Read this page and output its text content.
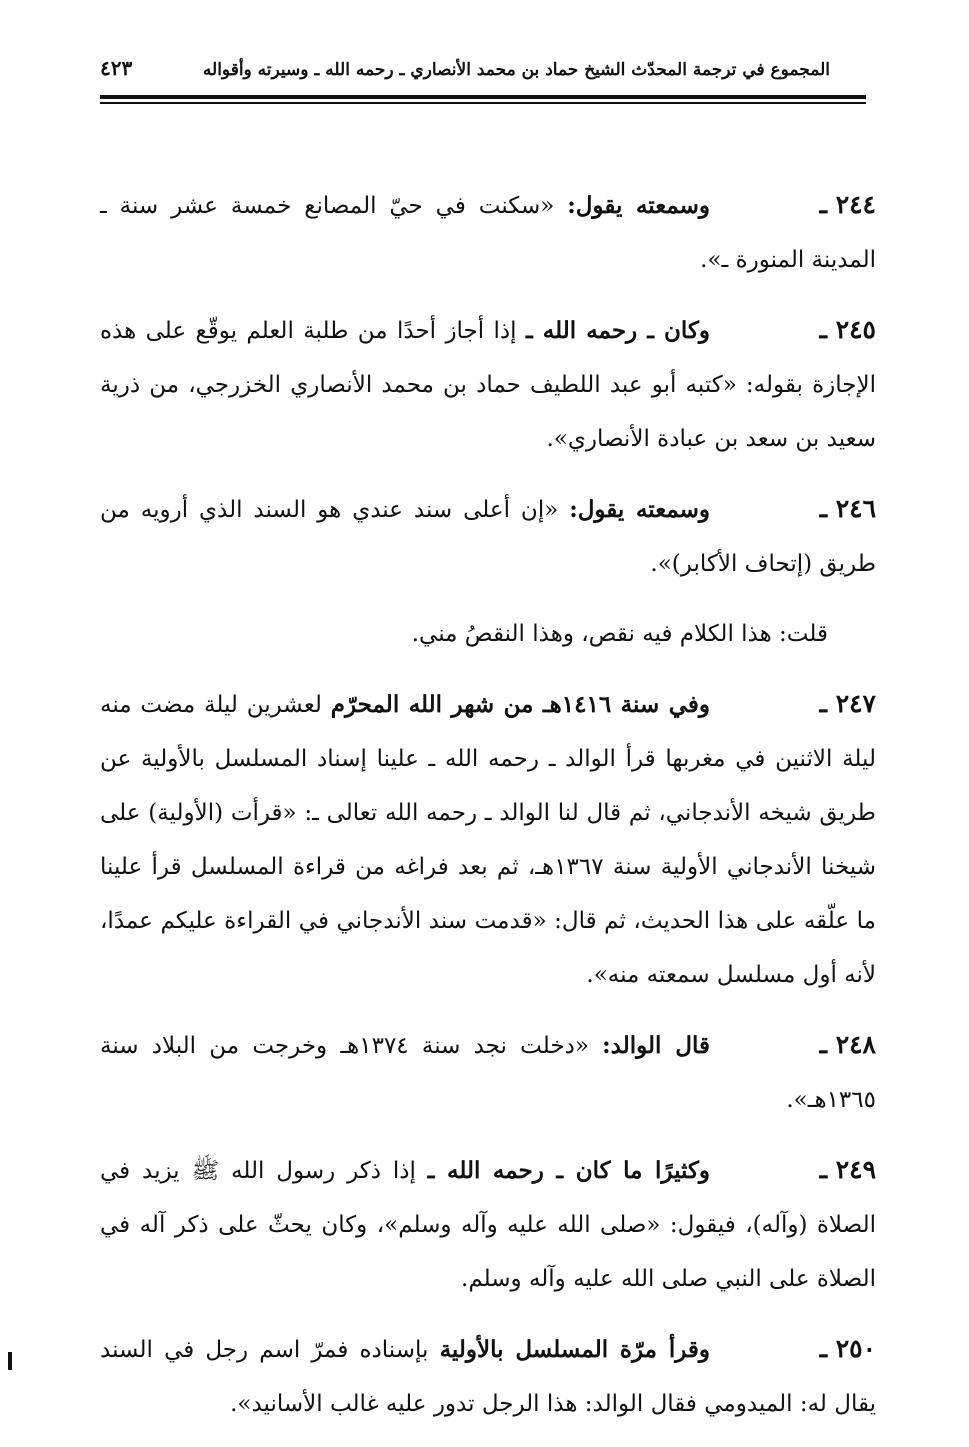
المجموع في ترجمة المحدّث الشيخ حماد بن محمد الأنصاري ـ رحمه الله ـ وسيرته وأقواله
٤٢٣

٢٤٤ ـوسمعته يقول: «سكنت في حيّ المصانع خمسة عشر سنة ـ المدينة المنورة ـ».

٢٤٥ ـوكان ـ رحمه الله ـ إذا أجاز أحدًا من طلبة العلم يوقّع على هذه الإجازة بقوله: «كتبه أبو عبد اللطيف حماد بن محمد الأنصاري الخزرجي، من ذرية سعيد بن سعد بن عبادة الأنصاري».

٢٤٦ ـوسمعته يقول: «إن أعلى سند عندي هو السند الذي أرويه من طريق (إتحاف الأكابر)».

قلت: هذا الكلام فيه نقص، وهذا النقصُ مني.

٢٤٧ ـوفي سنة ١٤١٦هـ من شهر الله المحرّم لعشرين ليلة مضت منه ليلة الاثنين في مغربها قرأ الوالد ـ رحمه الله ـ علينا إسناد المسلسل بالأولية عن طريق شيخه الأندجاني، ثم قال لنا الوالد ـ رحمه الله تعالى ـ: «قرأت (الأولية) على شيخنا الأندجاني الأولية سنة ١٣٦٧هـ، ثم بعد فراغه من قراءة المسلسل قرأ علينا ما علّقه على هذا الحديث، ثم قال: «قدمت سند الأندجاني في القراءة عليكم عمدًا، لأنه أول مسلسل سمعته منه».

٢٤٨ ـقال الوالد: «دخلت نجد سنة ١٣٧٤هـ وخرجت من البلاد سنة ١٣٦٥هـ».

٢٤٩ ـوكثيرًا ما كان ـ رحمه الله ـ إذا ذكر رسول الله ﷺ يزيد في الصلاة (وآله)، فيقول: «صلى الله عليه وآله وسلم»، وكان يحثّ على ذكر آله في الصلاة على النبي صلى الله عليه وآله وسلم.

٢٥٠ ـوقرأ مرّة المسلسل بالأولية بإسناده فمرّ اسم رجل في السند يقال له: الميدومي فقال الوالد: هذا الرجل تدور عليه غالب الأسانيد».
